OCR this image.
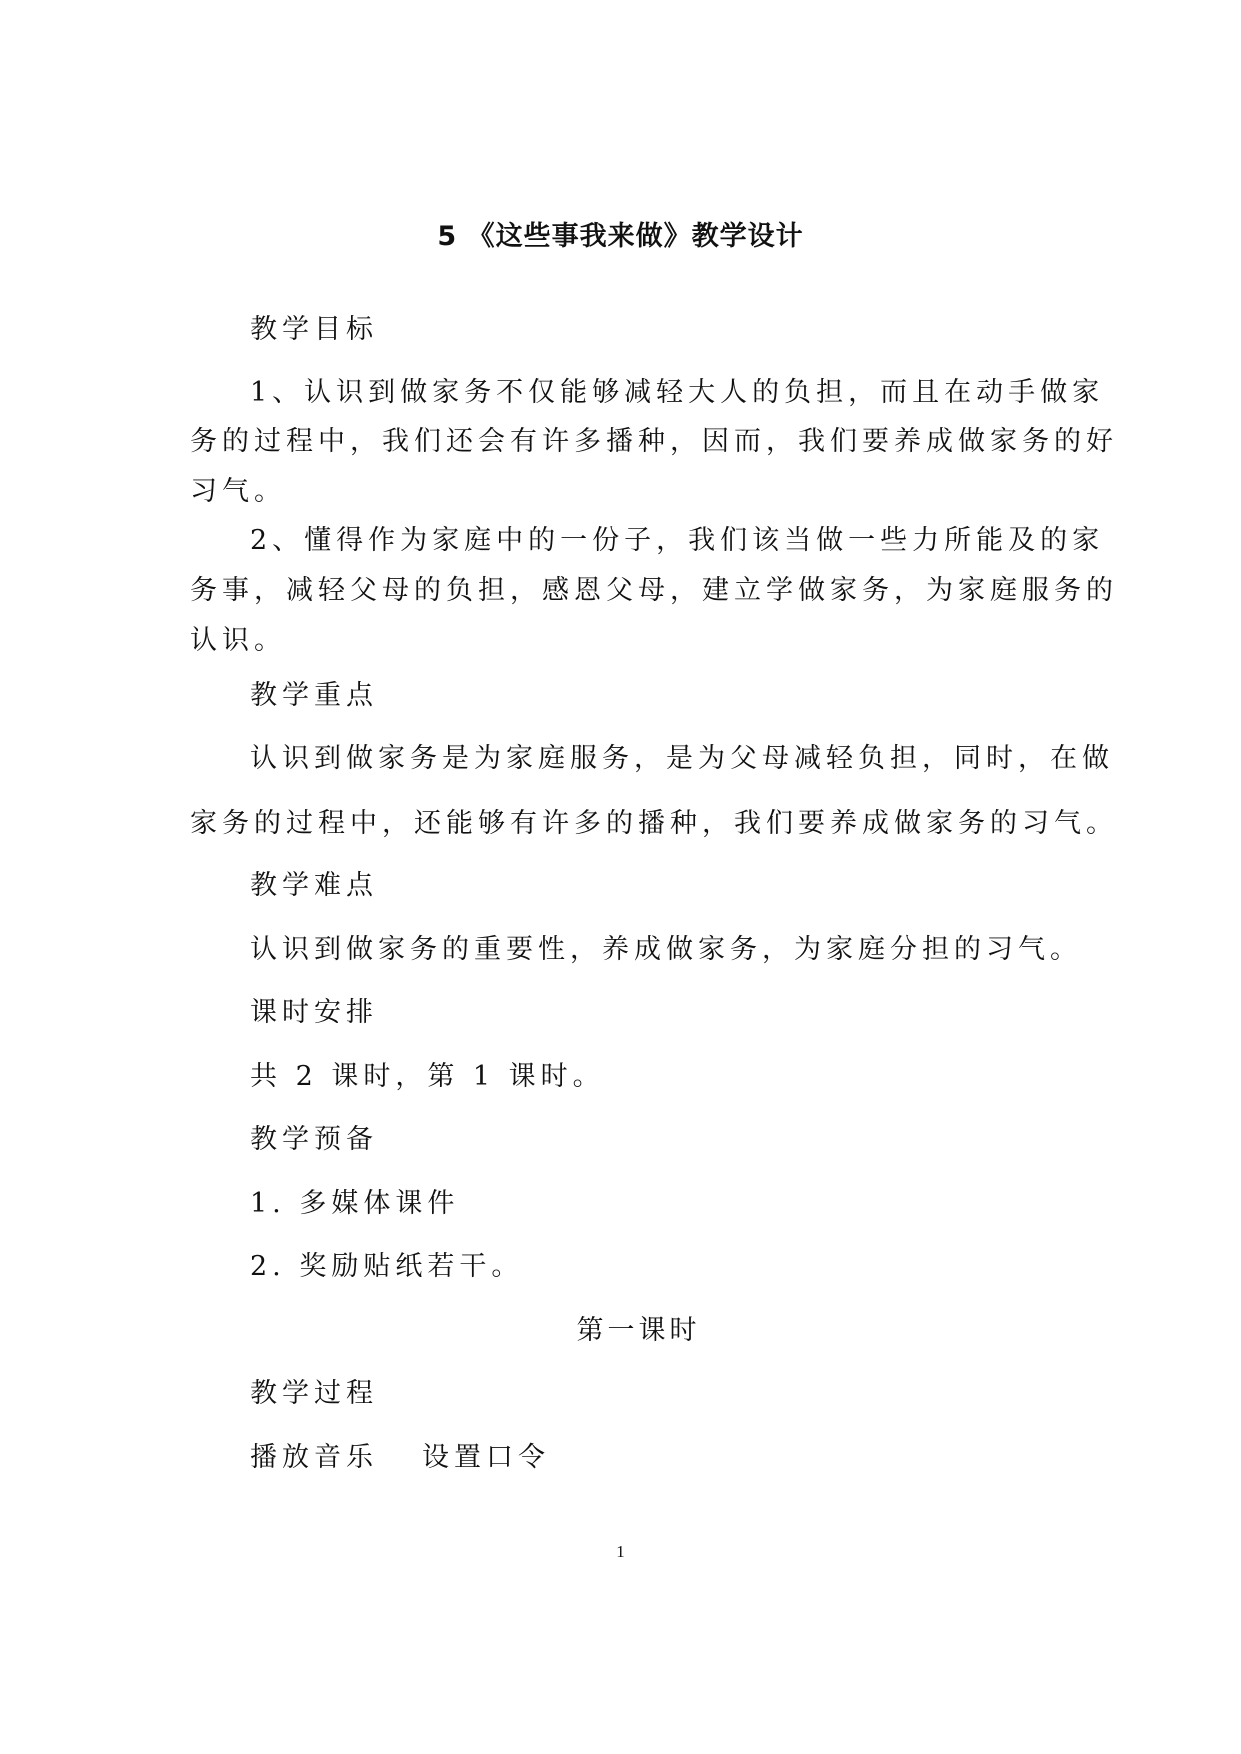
5 《这些事我来做》教学设计
教学目标
1、认识到做家务不仅能够减轻大人的负担，而且在动手做家
务的过程中，我们还会有许多播种，因而，我们要养成做家务的好
习气。
2、懂得作为家庭中的一份子，我们该当做一些力所能及的家
务事，减轻父母的负担，感恩父母，建立学做家务，为家庭服务的
认识。
教学重点
认识到做家务是为家庭服务，是为父母减轻负担，同时，在做
家务的过程中，还能够有许多的播种，我们要养成做家务的习气。
教学难点
认识到做家务的重要性，养成做家务，为家庭分担的习气。
课时安排
共 2 课时，第 1 课时。
教学预备
1. 多媒体课件
2. 奖励贴纸若干。
第一课时
教学过程
播放音乐 设置口令
1
